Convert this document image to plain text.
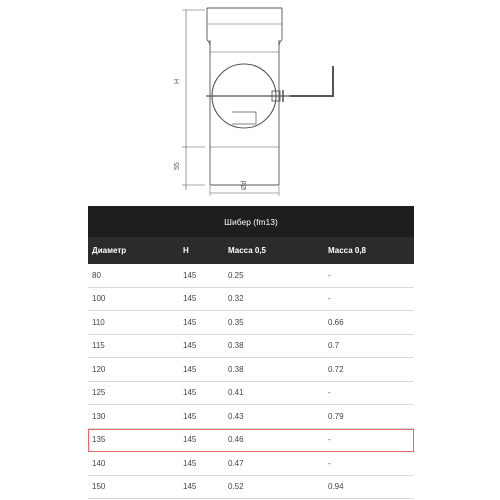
H
55
Ød
Шибер (fm13)
Диаметр	H	Масса 0,5	Масса 0,8
80	145	0.25	-
100	145	0.32	-
110	145	0.35	0.66
115	145	0.38	0.7
120	145	0.38	0.72
125	145	0.41	-
130	145	0.43	0.79
135	145	0.46	-
140	145	0.47	-
150	145	0.52	0.94
